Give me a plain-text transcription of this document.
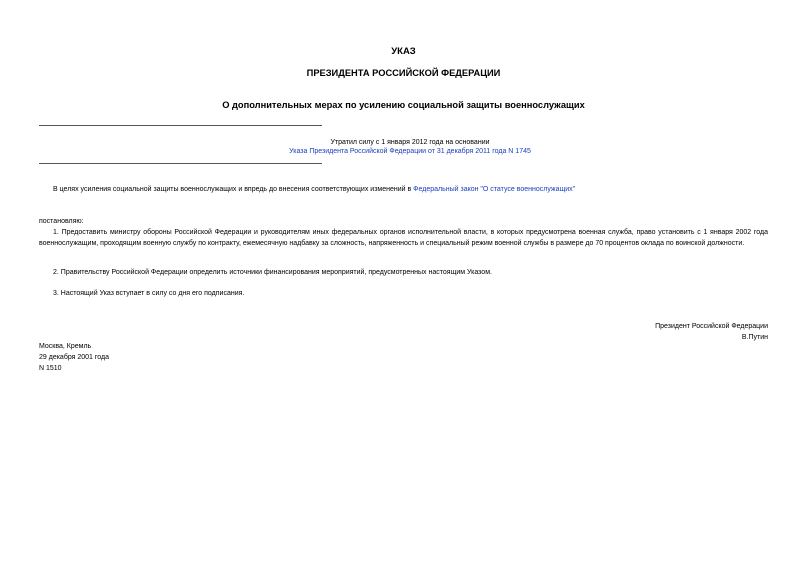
УКАЗ
ПРЕЗИДЕНТА РОССИЙСКОЙ ФЕДЕРАЦИИ
О дополнительных мерах по усилению социальной защиты военнослужащих
Утратил силу с 1 января 2012 года на основании
Указа Президента Российской Федерации от 31 декабря 2011 года N 1745
В целях усиления социальной защиты военнослужащих и впредь до внесения соответствующих изменений в Федеральный закон "О статусе военнослужащих"
постановляю:
1. Предоставить министру обороны Российской Федерации и руководителям иных федеральных органов исполнительной власти, в которых предусмотрена военная служба, право установить с 1 января 2002 года военнослужащим, проходящим военную службу по контракту, ежемесячную надбавку за сложность, напряженность и специальный режим военной службы в размере до 70 процентов оклада по воинской должности.
2. Правительству Российской Федерации определить источники финансирования мероприятий, предусмотренных настоящим Указом.
3. Настоящий Указ вступает в силу со дня его подписания.
Президент Российской Федерации
В.Путин
Москва, Кремль
29 декабря 2001 года
N 1510
